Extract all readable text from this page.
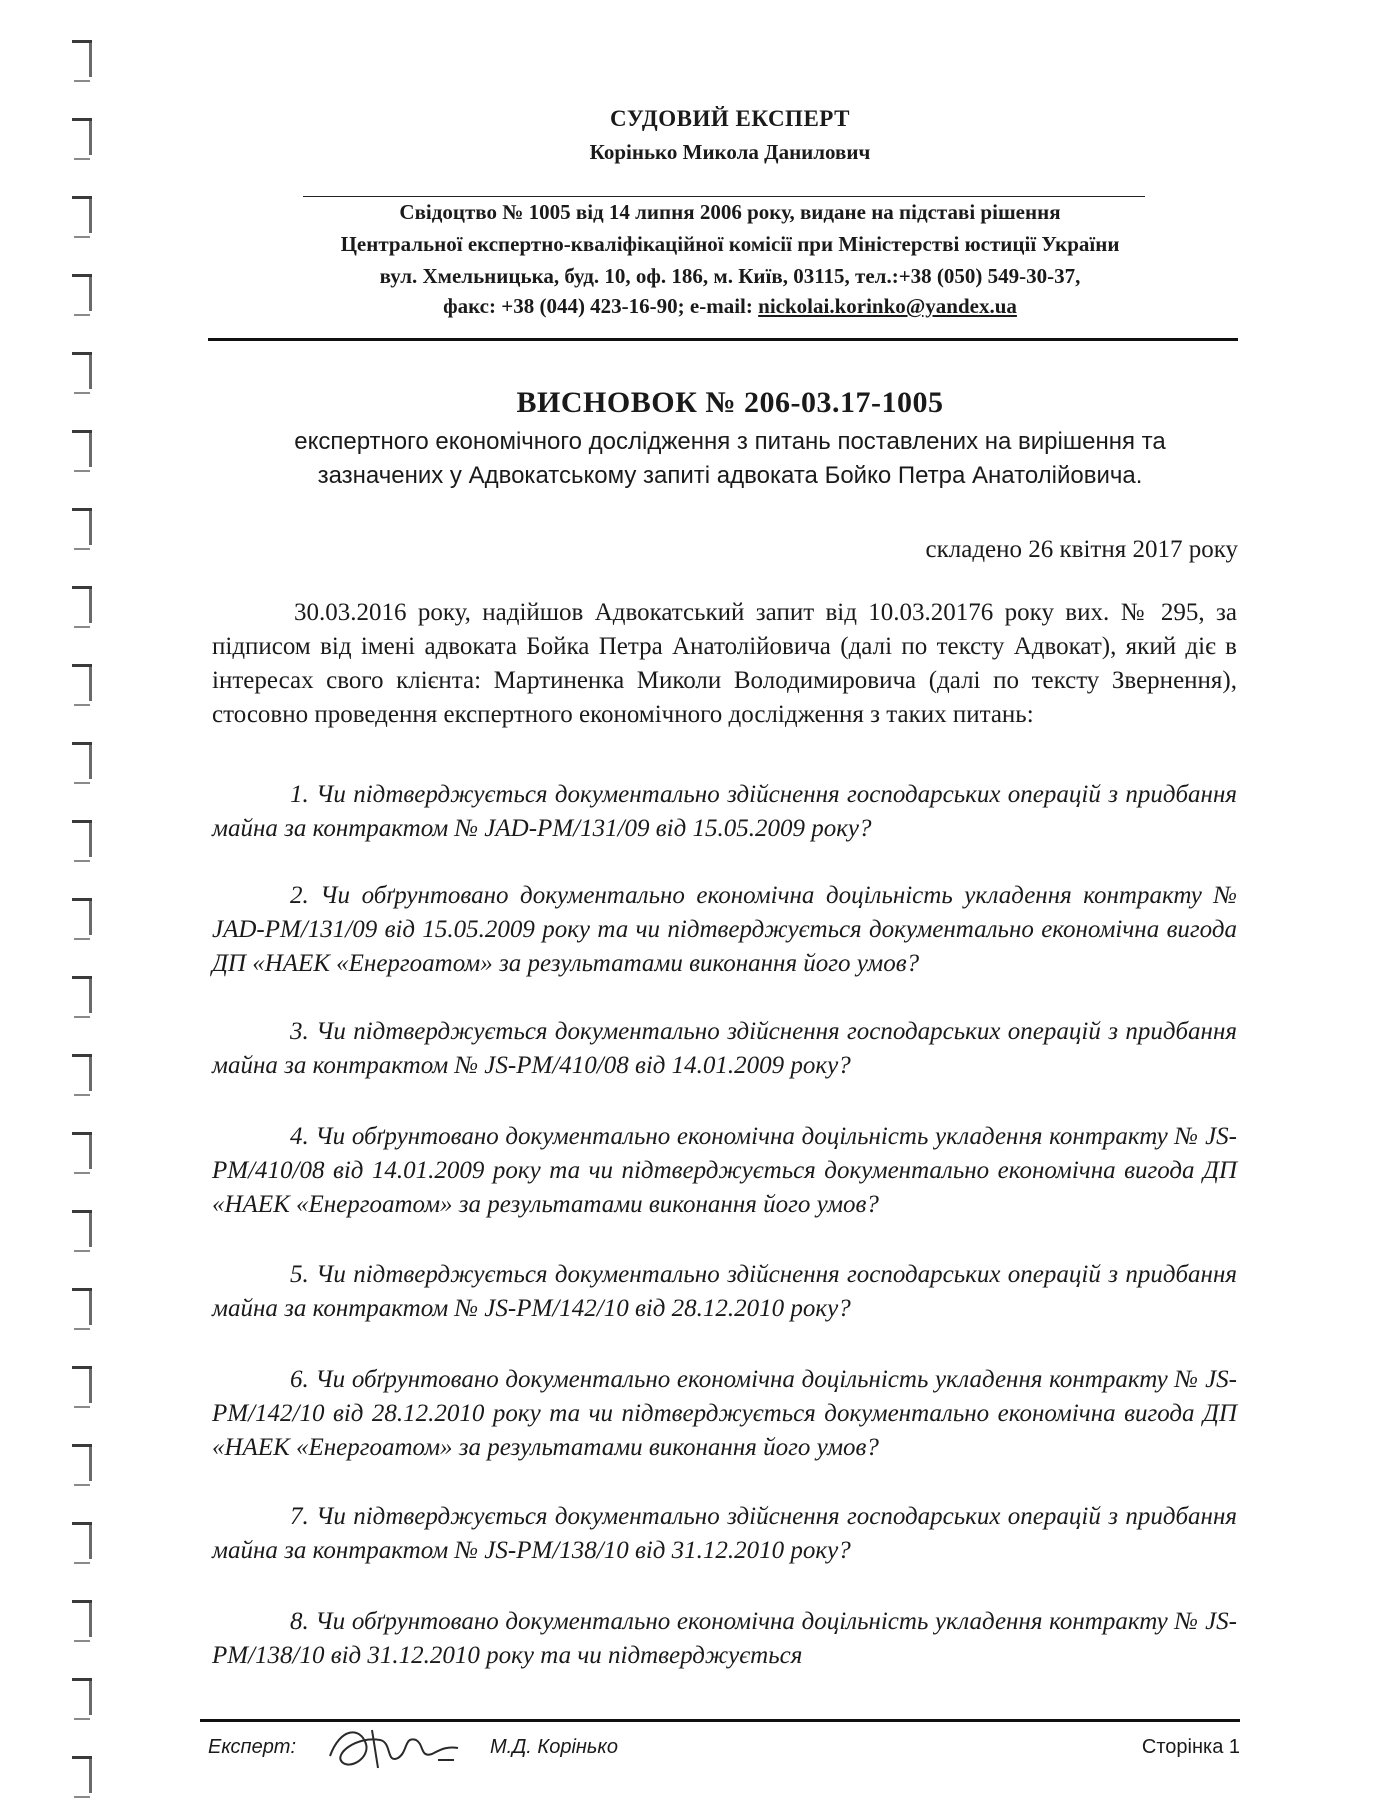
СУДОВИЙ ЕКСПЕРТ
Корінько Микола Данилович
Свідоцтво № 1005 від 14 липня 2006 року, видане на підставі рішення
Центральної експертно-кваліфікаційної комісії при Міністерстві юстиції України
вул. Хмельницька, буд. 10, оф. 186, м. Київ, 03115, тел.:+38 (050) 549-30-37,
факс: +38 (044) 423-16-90; e-mail: nickolai.korinko@yandex.ua
ВИСНОВОК № 206-03.17-1005
експертного економічного дослідження з питань поставлених на вирішення та
зазначених у Адвокатському запиті адвоката Бойко Петра Анатолійовича.
складено 26 квітня 2017 року
30.03.2016 року, надійшов Адвокатський запит від 10.03.20176 року вих. № 295, за підписом від імені адвоката Бойка Петра Анатолійовича (далі по тексту Адвокат), який діє в інтересах свого клієнта: Мартиненка Миколи Володимировича (далі по тексту Звернення), стосовно проведення експертного економічного дослідження з таких питань:
1. Чи підтверджується документально здійснення господарських операцій з придбання майна за контрактом № JAD-PM/131/09 від 15.05.2009 року?
2. Чи обґрунтовано документально економічна доцільність укладення контракту № JAD-PM/131/09 від 15.05.2009 року та чи підтверджується документально економічна вигода ДП «НАЕК «Енергоатом» за результатами виконання його умов?
3. Чи підтверджується документально здійснення господарських операцій з придбання майна за контрактом № JS-PM/410/08 від 14.01.2009 року?
4. Чи обґрунтовано документально економічна доцільність укладення контракту № JS-PM/410/08 від 14.01.2009 року та чи підтверджується документально економічна вигода ДП «НАЕК «Енергоатом» за результатами виконання його умов?
5. Чи підтверджується документально здійснення господарських операцій з придбання майна за контрактом № JS-PM/142/10 від 28.12.2010 року?
6. Чи обґрунтовано документально економічна доцільність укладення контракту № JS-PM/142/10 від 28.12.2010 року та чи підтверджується документально економічна вигода ДП «НАЕК «Енергоатом» за результатами виконання його умов?
7. Чи підтверджується документально здійснення господарських операцій з придбання майна за контрактом № JS-PM/138/10 від 31.12.2010 року?
8. Чи обґрунтовано документально економічна доцільність укладення контракту № JS-PM/138/10 від 31.12.2010 року та чи підтверджується
Експерт:	М.Д. Корінько	Сторінка 1
